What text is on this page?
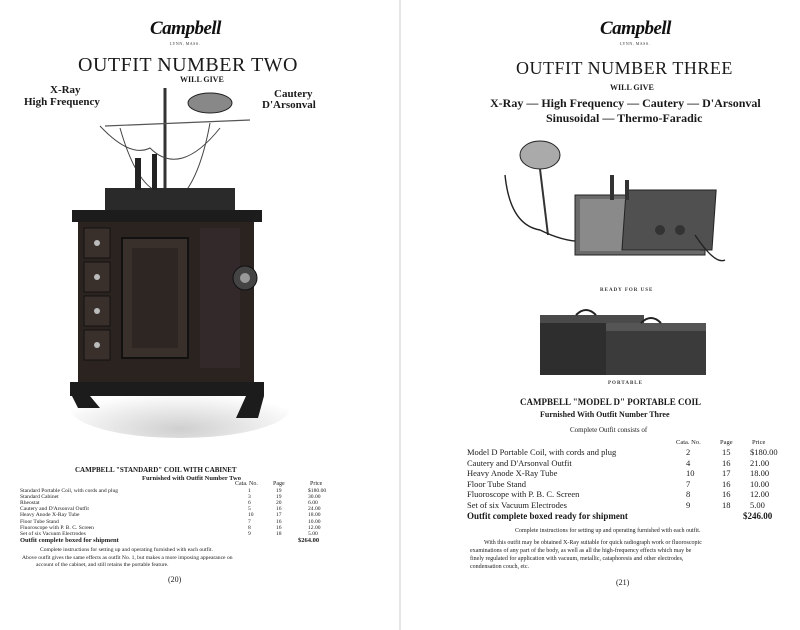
Campbell
LYNN, MASS.
OUTFIT NUMBER TWO
WILL GIVE
X-Ray
High Frequency
Cautery
D'Arsonval
CAMPBELL "STANDARD" COIL WITH CABINET
Furnished with Outfit Number Two
Cata. No.	Page	Price
Standard Portable Coil, with cords and plug	1	19	$180.00
Standard Cabinet	3	19	30.00
Rheostat	6	20	6.00
Cautery and D'Arsonval Outfit	5	16	24.00
Heavy Anode X-Ray Tube	10	17	18.00
Floor Tube Stand	7	16	10.00
Fluoroscope with P. B. C. Screen	8	16	12.00
Set of six Vacuum Electrodes	9	18	5.00
Outfit complete boxed for shipment	$264.00
Complete instructions for setting up and operating furnished with each outfit.
Above outfit gives the same effects as outfit No. 1, but makes a more imposing appearance on
account of the cabinet, and still retains the portable feature.
(20)
Campbell
LYNN, MASS.
OUTFIT NUMBER THREE
WILL GIVE
X-Ray — High Frequency — Cautery — D'Arsonval
Sinusoidal — Thermo-Faradic
READY FOR USE
PORTABLE
CAMPBELL "MODEL D" PORTABLE COIL
Furnished With Outfit Number Three
Complete Outfit consists of
Cata. No.	Page	Price
Model D Portable Coil, with cords and plug	2	15 $180.00
Cautery and D'Arsonval Outfit	4	16 21.00
Heavy Anode X-Ray Tube	10	17 18.00
Floor Tube Stand	7	16 10.00
Fluoroscope with P. B. C. Screen	8	16 12.00
Set of six Vacuum Electrodes	9	18 5.00
Outfit complete boxed ready for shipment	$246.00
Complete instructions for setting up and operating furnished with each outfit.
With this outfit may be obtained X-Ray suitable for quick radiograph work or fluoroscopic
examinations of any part of the body, as well as all the high-frequency effects which may be
finely regulated for application with vacuum, metallic, cataphoresis and other electrodes,
condensation couch, etc.
(21)
